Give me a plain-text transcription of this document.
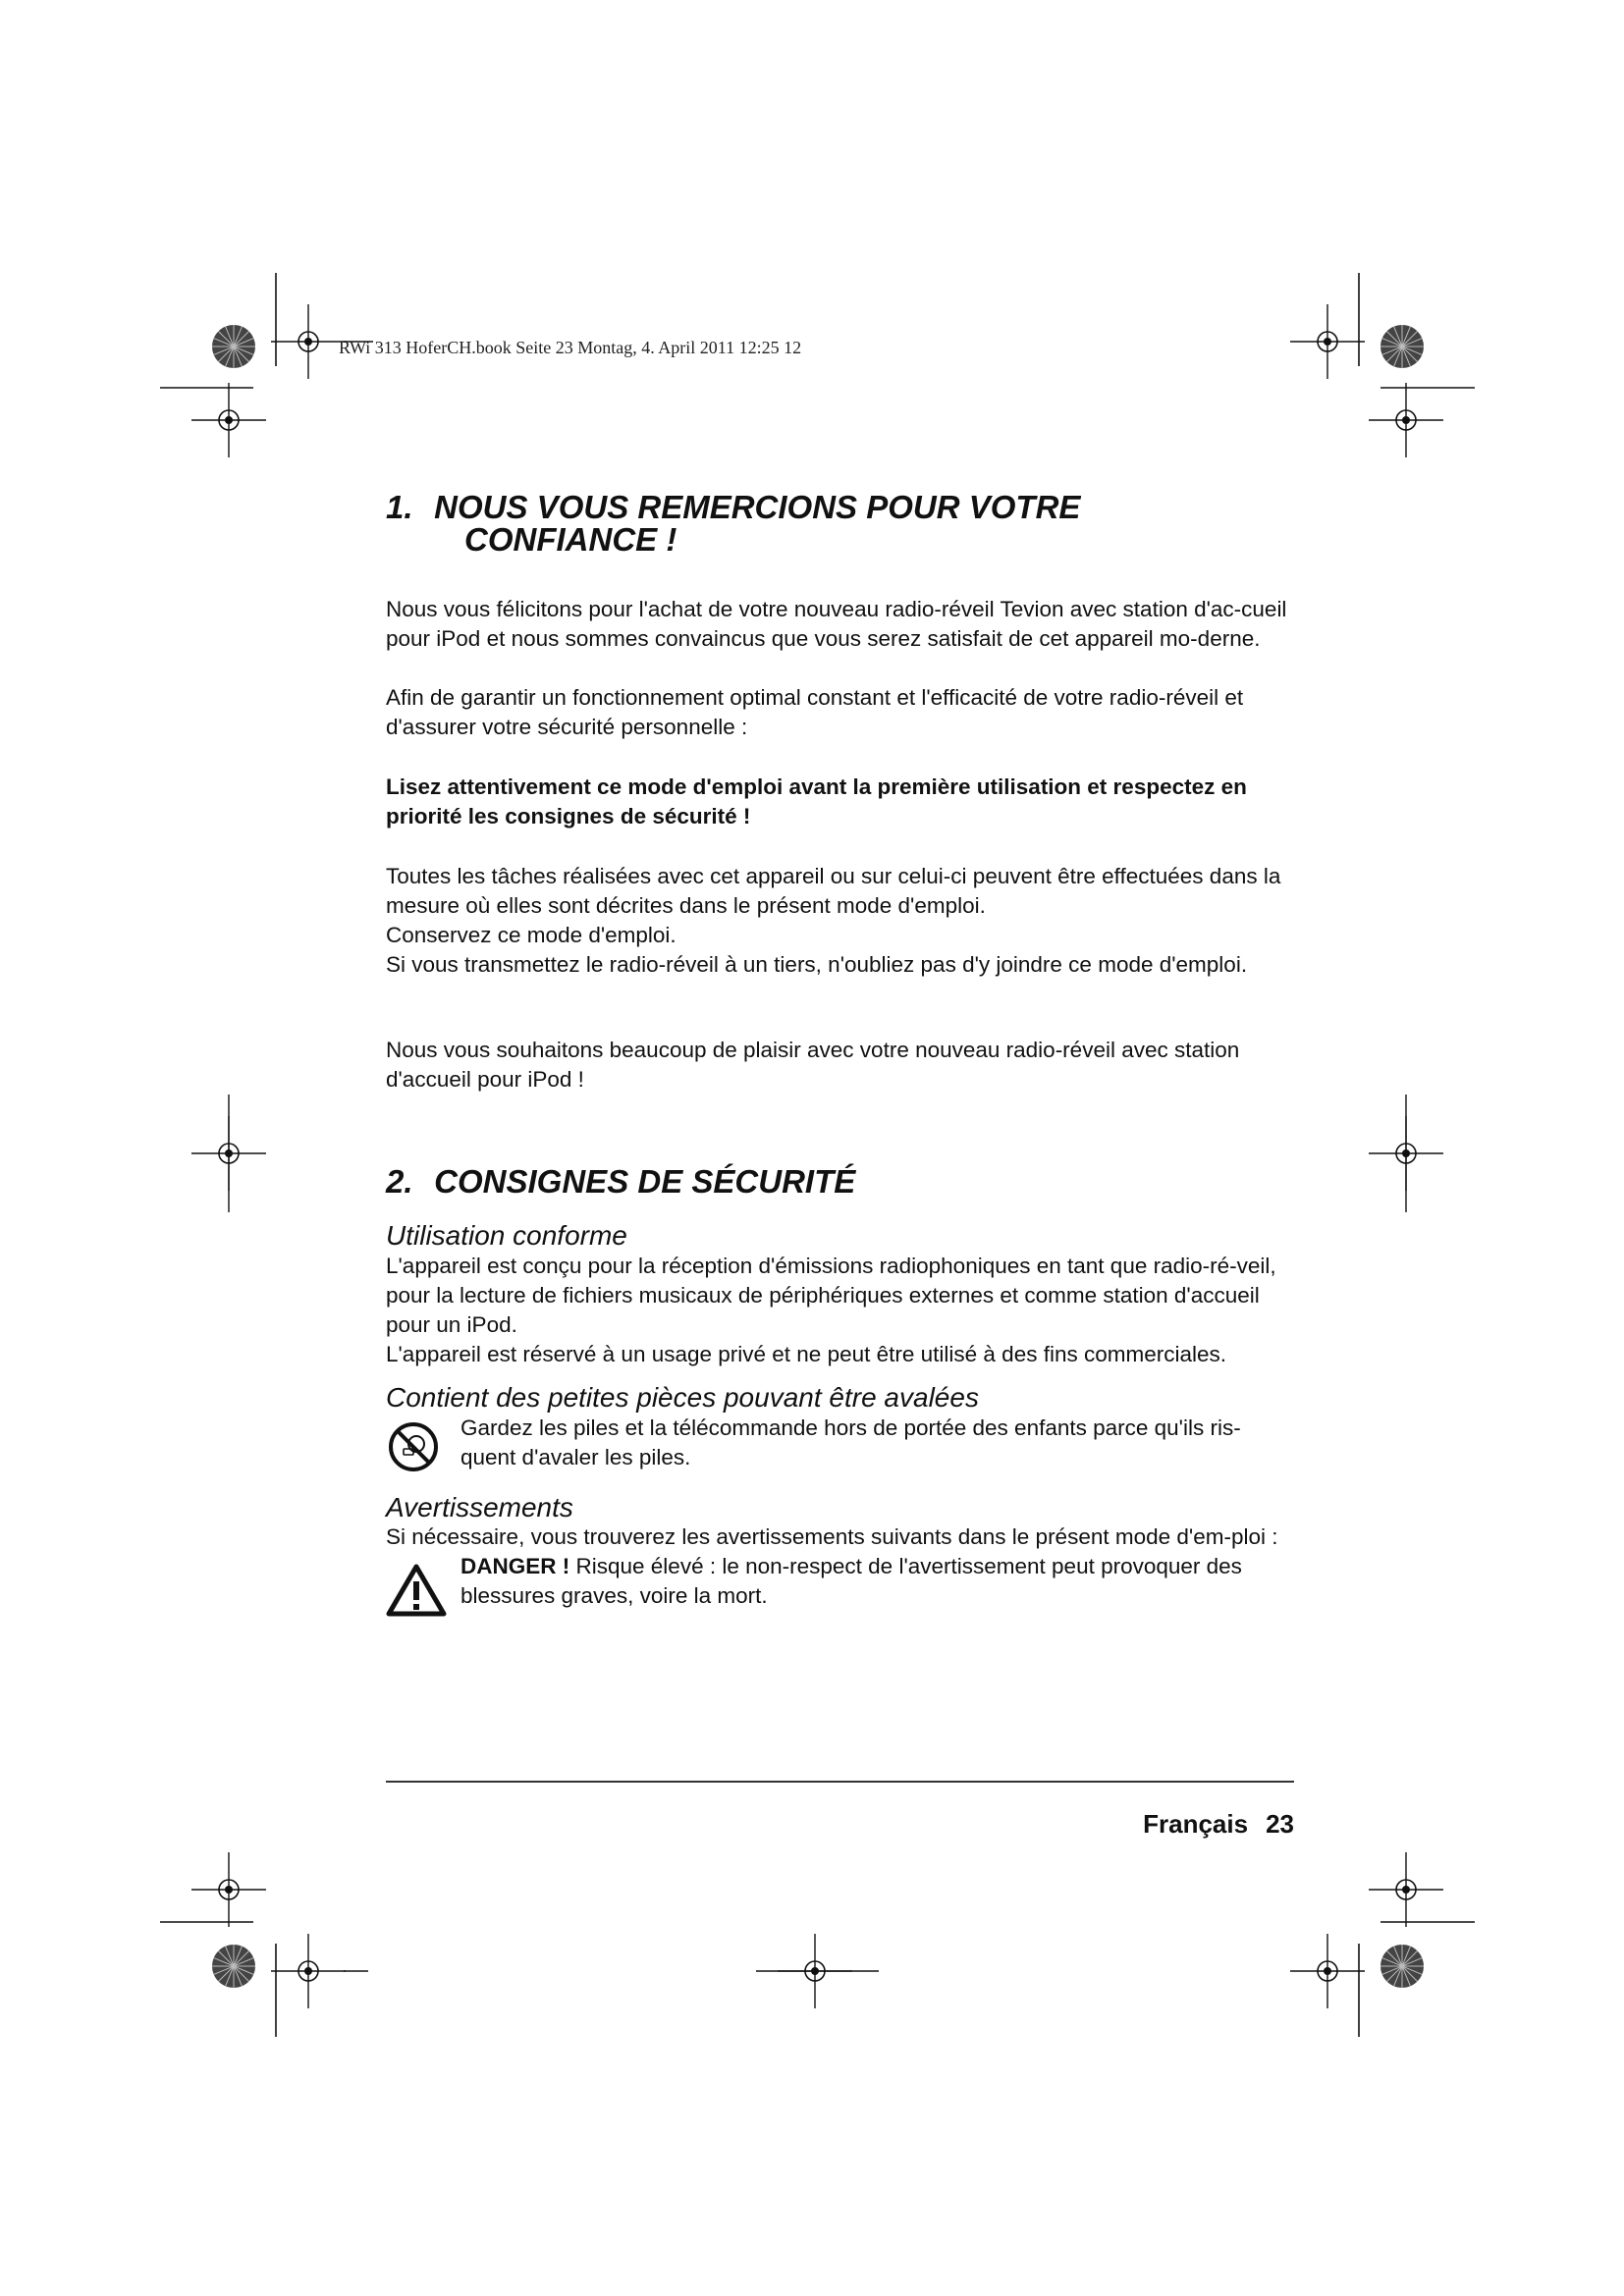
RWi 313 HoferCH.book Seite 23 Montag, 4. April 2011 12:25 12
1. NOUS VOUS REMERCIONS POUR VOTRE
CONFIANCE !

Nous vous félicitons pour l'achat de votre nouveau radio-réveil Tevion avec station d'ac-cueil pour iPod et nous sommes convaincus que vous serez satisfait de cet appareil mo-derne.

Afin de garantir un fonctionnement optimal constant et l'efficacité de votre radio-réveil et d'assurer votre sécurité personnelle :

Lisez attentivement ce mode d'emploi avant la première utilisation et respectez en priorité les consignes de sécurité !

Toutes les tâches réalisées avec cet appareil ou sur celui-ci peuvent être effectuées dans la mesure où elles sont décrites dans le présent mode d'emploi.

Conservez ce mode d'emploi.

Si vous transmettez le radio-réveil à un tiers, n'oubliez pas d'y joindre ce mode d'emploi.

Nous vous souhaitons beaucoup de plaisir avec votre nouveau radio-réveil avec station d'accueil pour iPod !

2. CONSIGNES DE SÉCURITÉ
Utilisation conforme

L'appareil est conçu pour la réception d'émissions radiophoniques en tant que radio-ré-veil, pour la lecture de fichiers musicaux de périphériques externes et comme station d'accueil pour un iPod.

L'appareil est réservé à un usage privé et ne peut être utilisé à des fins commerciales.

Contient des petites pièces pouvant être avalées

Gardez les piles et la télécommande hors de portée des enfants parce qu'ils ris-quent d'avaler les piles.

Avertissements

Si nécessaire, vous trouverez les avertissements suivants dans le présent mode d'em-ploi :

DANGER ! Risque élevé : le non-respect de l'avertissement peut provoquer des blessures graves, voire la mort.

Français 23
